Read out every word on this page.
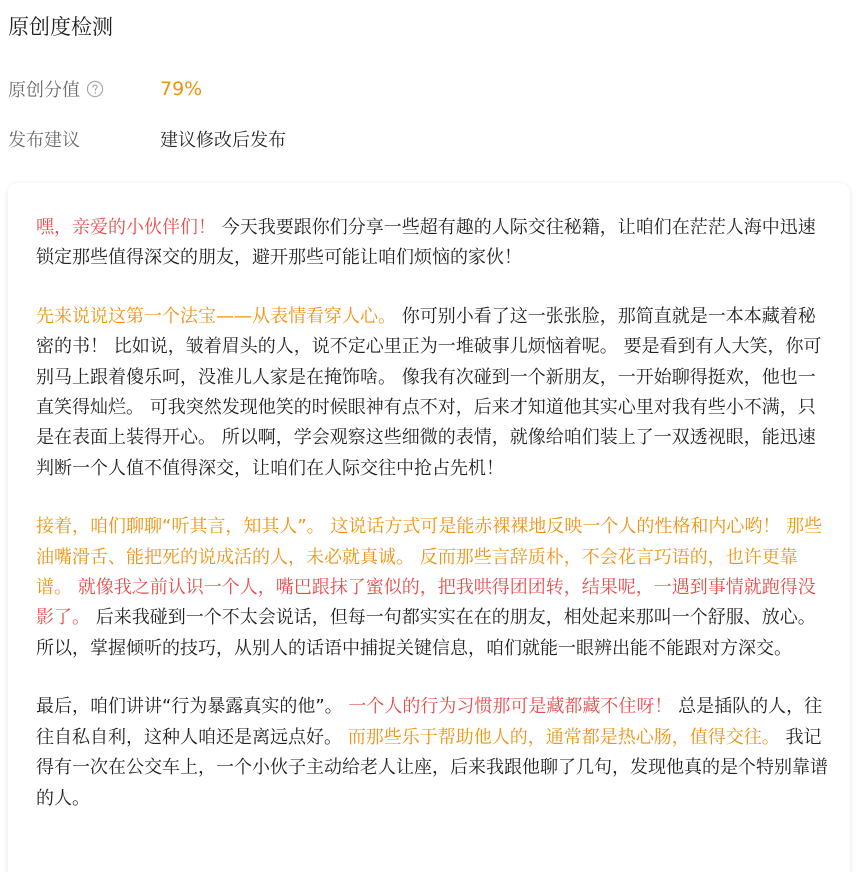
原创度检测
原创分值	79%
发布建议	建议修改后发布

嘿，亲爱的小伙伴们！ 今天我要跟你们分享一些超有趣的人际交往秘籍，让咱们在茫茫人海中迅速锁定那些值得深交的朋友，避开那些可能让咱们烦恼的家伙！

先来说说这第一个法宝——从表情看穿人心。 你可别小看了这一张张脸，那简直就是一本本藏着秘密的书！ 比如说，皱着眉头的人，说不定心里正为一堆破事儿烦恼着呢。 要是看到有人大笑，你可别马上跟着傻乐呵，没准儿人家是在掩饰啥。 像我有次碰到一个新朋友，一开始聊得挺欢，他也一直笑得灿烂。 可我突然发现他笑的时候眼神有点不对，后来才知道他其实心里对我有些小不满，只是在表面上装得开心。 所以啊，学会观察这些细微的表情，就像给咱们装上了一双透视眼，能迅速判断一个人值不值得深交，让咱们在人际交往中抢占先机！

接着，咱们聊聊“听其言，知其人”。 这说话方式可是能赤裸裸地反映一个人的性格和内心哟！ 那些油嘴滑舌、能把死的说成活的人，未必就真诚。 反而那些言辞质朴，不会花言巧语的，也许更靠谱。 就像我之前认识一个人，嘴巴跟抹了蜜似的，把我哄得团团转，结果呢，一遇到事情就跑得没影了。 后来我碰到一个不太会说话，但每一句都实实在在的朋友，相处起来那叫一个舒服、放心。 所以，掌握倾听的技巧，从别人的话语中捕捉关键信息，咱们就能一眼辨出能不能跟对方深交。

最后，咱们讲讲“行为暴露真实的他”。 一个人的行为习惯那可是藏都藏不住呀！ 总是插队的人，往往自私自利，这种人咱还是离远点好。 而那些乐于帮助他人的，通常都是热心肠，值得交往。 我记得有一次在公交车上，一个小伙子主动给老人让座，后来我跟他聊了几句，发现他真的是个特别靠谱的人。
